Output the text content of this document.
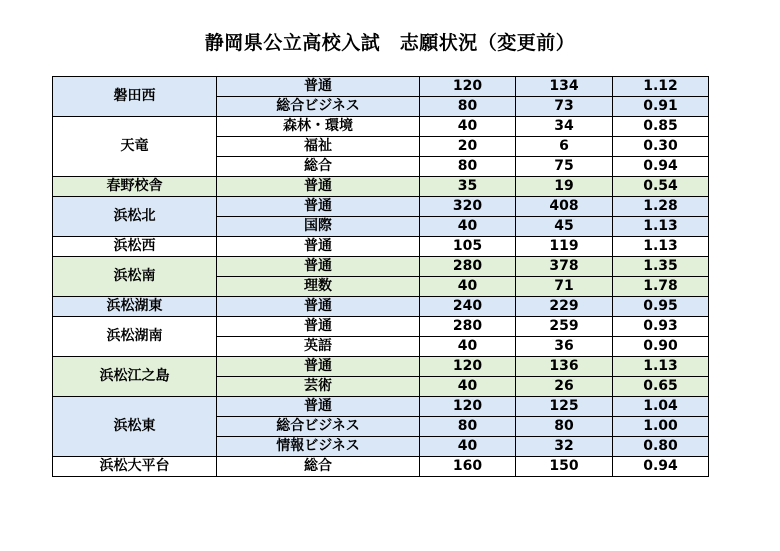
静岡県公立高校入試　志願状況（変更前）
磐田西	普通	120	134	1.12
	総合ビジネス	80	73	0.91
天竜	森林・環境	40	34	0.85
	福祉	20	6	0.30
	総合	80	75	0.94
春野校舎	普通	35	19	0.54
浜松北	普通	320	408	1.28
	国際	40	45	1.13
浜松西	普通	105	119	1.13
浜松南	普通	280	378	1.35
	理数	40	71	1.78
浜松湖東	普通	240	229	0.95
浜松湖南	普通	280	259	0.93
	英語	40	36	0.90
浜松江之島	普通	120	136	1.13
	芸術	40	26	0.65
浜松東	普通	120	125	1.04
	総合ビジネス	80	80	1.00
	情報ビジネス	40	32	0.80
浜松大平台	総合	160	150	0.94
